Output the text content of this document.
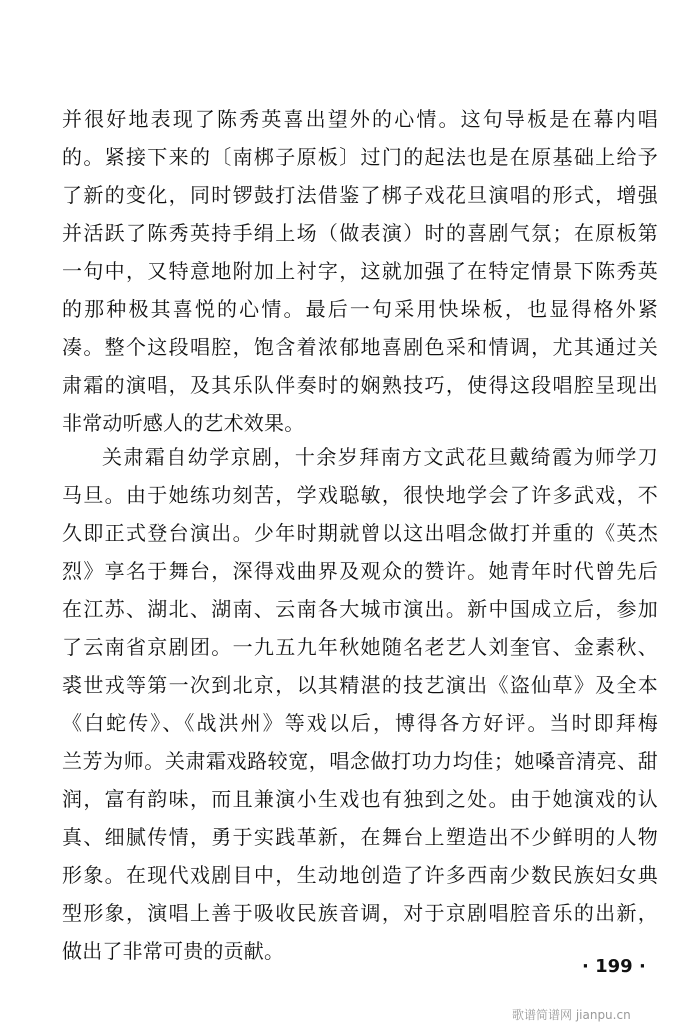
并很好地表现了陈秀英喜出望外的心情。这句导板是在幕内唱
的。紧接下来的〔南梆子原板〕过门的起法也是在原基础上给予
了新的变化，同时锣鼓打法借鉴了梆子戏花旦演唱的形式，增强
并活跃了陈秀英持手绢上场（做表演）时的喜剧气氛；在原板第
一句中，又特意地附加上衬字，这就加强了在特定情景下陈秀英
的那种极其喜悦的心情。最后一句采用快垛板，也显得格外紧
凑。整个这段唱腔，饱含着浓郁地喜剧色采和情调，尤其通过关
肃霜的演唱，及其乐队伴奏时的娴熟技巧，使得这段唱腔呈现出
非常动听感人的艺术效果。
关肃霜自幼学京剧，十余岁拜南方文武花旦戴绮霞为师学刀
马旦。由于她练功刻苦，学戏聪敏，很快地学会了许多武戏，不
久即正式登台演出。少年时期就曾以这出唱念做打并重的《英杰
烈》享名于舞台，深得戏曲界及观众的赞许。她青年时代曾先后
在江苏、湖北、湖南、云南各大城市演出。新中国成立后，参加
了云南省京剧团。一九五九年秋她随名老艺人刘奎官、金素秋、
裘世戎等第一次到北京，以其精湛的技艺演出《盗仙草》及全本
《白蛇传》、《战洪州》等戏以后，博得各方好评。当时即拜梅
兰芳为师。关肃霜戏路较宽，唱念做打功力均佳；她嗓音清亮、甜
润，富有韵味，而且兼演小生戏也有独到之处。由于她演戏的认
真、细腻传情，勇于实践革新，在舞台上塑造出不少鲜明的人物
形象。在现代戏剧目中，生动地创造了许多西南少数民族妇女典
型形象，演唱上善于吸收民族音调，对于京剧唱腔音乐的出新，
做出了非常可贵的贡献。
· 199 ·
歌谱简谱网 jianpu.cn
